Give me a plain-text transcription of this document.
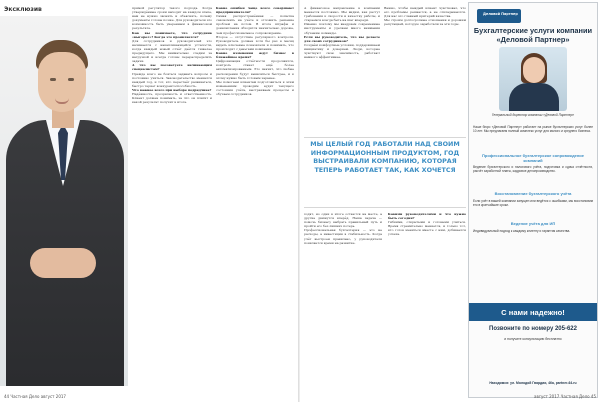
Эксклюзив	прямой регулятор такого подхода. Когда утверждённые сроки выходят на каждом этапе, нам не нужно звонить и объяснять, почему документы готовы позже. Для руководителя это возможность быть уверенным в финансовом результате.

Как вы понимаете, что сотрудник «выгорел»? Когда это проявляется?

Для сотрудников и руководителей это начинается с накапливающейся усталости, когда каждый новый отчёт даётся тяжелее предыдущего. Мы внимательно следим за нагрузкой и всегда готовы перераспределить задачи.

А что вы посоветуете начинающим специалистам?

Прежде всего не бояться задавать вопросы и постоянно учиться. Законодательство меняется каждый год, и тот, кто перестаёт развиваться, быстро теряет конкурентоспособность.

Что важнее всего при выборе подрядчика?

Надёжность, прозрачность и ответственность. Клиент должен понимать, за что он платит и какой результат получит в итоге.

Какие ошибки чаще всего совершают предприниматели?

Самая распространённая — попытка сэкономить на учёте и отложить решение проблем на потом. В итоге штрафы и доначисления обходятся значительно дороже, чем профессиональное сопровождение.

Второе — отсутствие регулярного контроля. Руководитель должен хотя бы раз в месяц видеть ключевые показатели и понимать, что происходит с деньгами компании.

Какие изменения ждут бизнес в ближайшее время?

Цифровизация отчётности продолжится, контроль станет ещё более автоматизированным. Это значит, что любые расхождения будут выявляться быстрее, и к этому нужно быть готовым заранее.

Мы помогаем клиентам подготовиться к этим изменениям: проводим аудит текущего состояния учёта, выстраиваем процессы и обучаем сотрудников.

44 Частная Дело август 2017

А финансовое направление в компании меняется постоянно. Мы видим, как растут требования к скорости и качеству работы, и стараемся всегда быть на шаг впереди.

Именно поэтому мы внедряем современные инструменты и уделяем много внимания обучению команды.

Если вы руководитель, что вы делаете для своих сотрудников?

Создаём комфортные условия, поддерживаем инициативу и доверяем. Люди, которые чувствуют свою значимость, работают намного эффективнее.

Важно, чтобы каждый клиент чувствовал, что его проблемы решаются, а не откладываются. Для нас это главный критерий качества.

Мы строим долгосрочные отношения и дорожим репутацией, которую заработали за эти годы.

МЫ ЦЕЛЫЙ ГОД РАБОТАЛИ НАД СВОИМ ИНФОРМАЦИОННЫМ ПРОДУКТОМ, ГОД ВЫСТРАИВАЛИ КОМПАНИЮ, КОТОРАЯ ТЕПЕРЬ РАБОТАЕТ ТАК, КАК ХОЧЕТСЯ

ходят, но одни в итоге остаются на месте, а другие движутся вперёд. Наша задача — помочь бизнесу выбрать правильный путь и пройти его без лишних потерь.

Профессиональная бухгалтерия — это не расходы, а инвестиция в стабильность. Когда учёт выстроен правильно, у руководителя появляется время на развитие.

Какими руководителями и что нужно быть сегодня?

Гибкими, открытыми и готовыми учиться. Время стремительно меняется, и только тот, кто готов меняться вместе с ним, добивается успеха.

Деловой Партнер
Бухгалтерские услуги компании «Деловой Партнер»
Генеральный директор компании «Деловой Партнер»
Наше бюро «Деловой Партнер» работает на рынке бухгалтерских услуг более 10 лет. Мы предлагаем полный комплекс услуг для малого и среднего бизнеса.
Профессиональное бухгалтерское сопровождение компаний
Ведение бухгалтерского и налогового учёта, подготовка и сдача отчётности, расчёт заработной платы, кадровое делопроизводство.
Восстановление бухгалтерского учёта
Если учёт в вашей компании запущен или ведётся с ошибками, мы восстановим его в кратчайшие сроки.
Ведение учёта для ИП
Индивидуальный подход к каждому клиенту и гарантия качества.
С нами надежно!
Позвоните по номеру 205-622
и получите консультацию бесплатно
Находимся: ул. Молодой Гвардии, 46а, partner-64.ru
август 2017 Частная Дело 45
